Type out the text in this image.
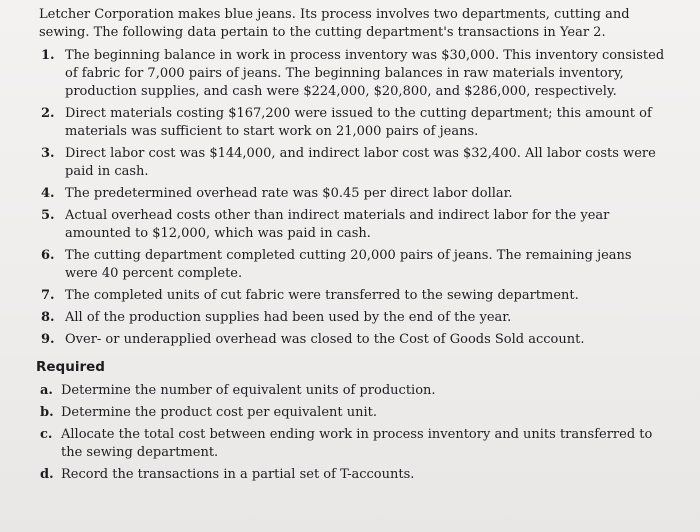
Letcher Corporation makes blue jeans. Its process involves two departments, cutting and sewing. The following data pertain to the cutting department's transactions in Year 2.

1. The beginning balance in work in process inventory was $30,000. This inventory consisted of fabric for 7,000 pairs of jeans. The beginning balances in raw materials inventory, production supplies, and cash were $224,000, $20,800, and $286,000, respectively.
2. Direct materials costing $167,200 were issued to the cutting department; this amount of materials was sufficient to start work on 21,000 pairs of jeans.
3. Direct labor cost was $144,000, and indirect labor cost was $32,400. All labor costs were paid in cash.
4. The predetermined overhead rate was $0.45 per direct labor dollar.
5. Actual overhead costs other than indirect materials and indirect labor for the year amounted to $12,000, which was paid in cash.
6. The cutting department completed cutting 20,000 pairs of jeans. The remaining jeans were 40 percent complete.
7. The completed units of cut fabric were transferred to the sewing department.
8. All of the production supplies had been used by the end of the year.
9. Over- or underapplied overhead was closed to the Cost of Goods Sold account.
Required
a. Determine the number of equivalent units of production.
b. Determine the product cost per equivalent unit.
c. Allocate the total cost between ending work in process inventory and units transferred to the sewing department.
d. Record the transactions in a partial set of T-accounts.
